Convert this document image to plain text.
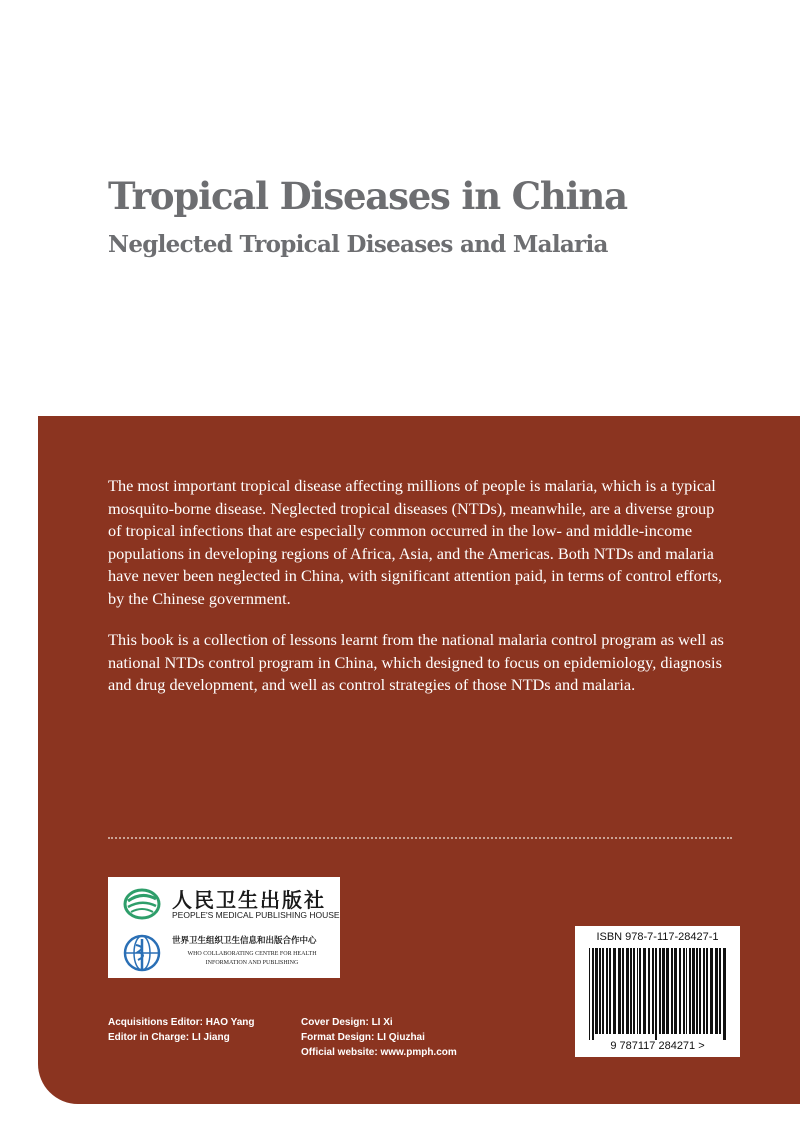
Tropical Diseases in China
Neglected Tropical Diseases and Malaria

The most important tropical disease affecting millions of people is malaria, which is a typical mosquito-borne disease. Neglected tropical diseases (NTDs), meanwhile, are a diverse group of tropical infections that are especially common occurred in the low- and middle-income populations in developing regions of Africa, Asia, and the Americas. Both NTDs and malaria have never been neglected in China, with significant attention paid, in terms of control efforts, by the Chinese government.

This book is a collection of lessons learnt from the national malaria control program as well as national NTDs control program in China, which designed to focus on epidemiology, diagnosis and drug development, and well as control strategies of those NTDs and malaria.

人民卫生出版社
PEOPLE'S MEDICAL PUBLISHING HOUSE
世界卫生组织卫生信息和出版合作中心
WHO COLLABORATING CENTRE FOR HEALTH INFORMATION AND PUBLISHING
ISBN 978-7-117-28427-1
9 787117 284271 >
Acquisitions Editor: HAO Yang
Editor in Charge: LI Jiang
Cover Design: LI Xi
Format Design: LI Qiuzhai
Official website: www.pmph.com
